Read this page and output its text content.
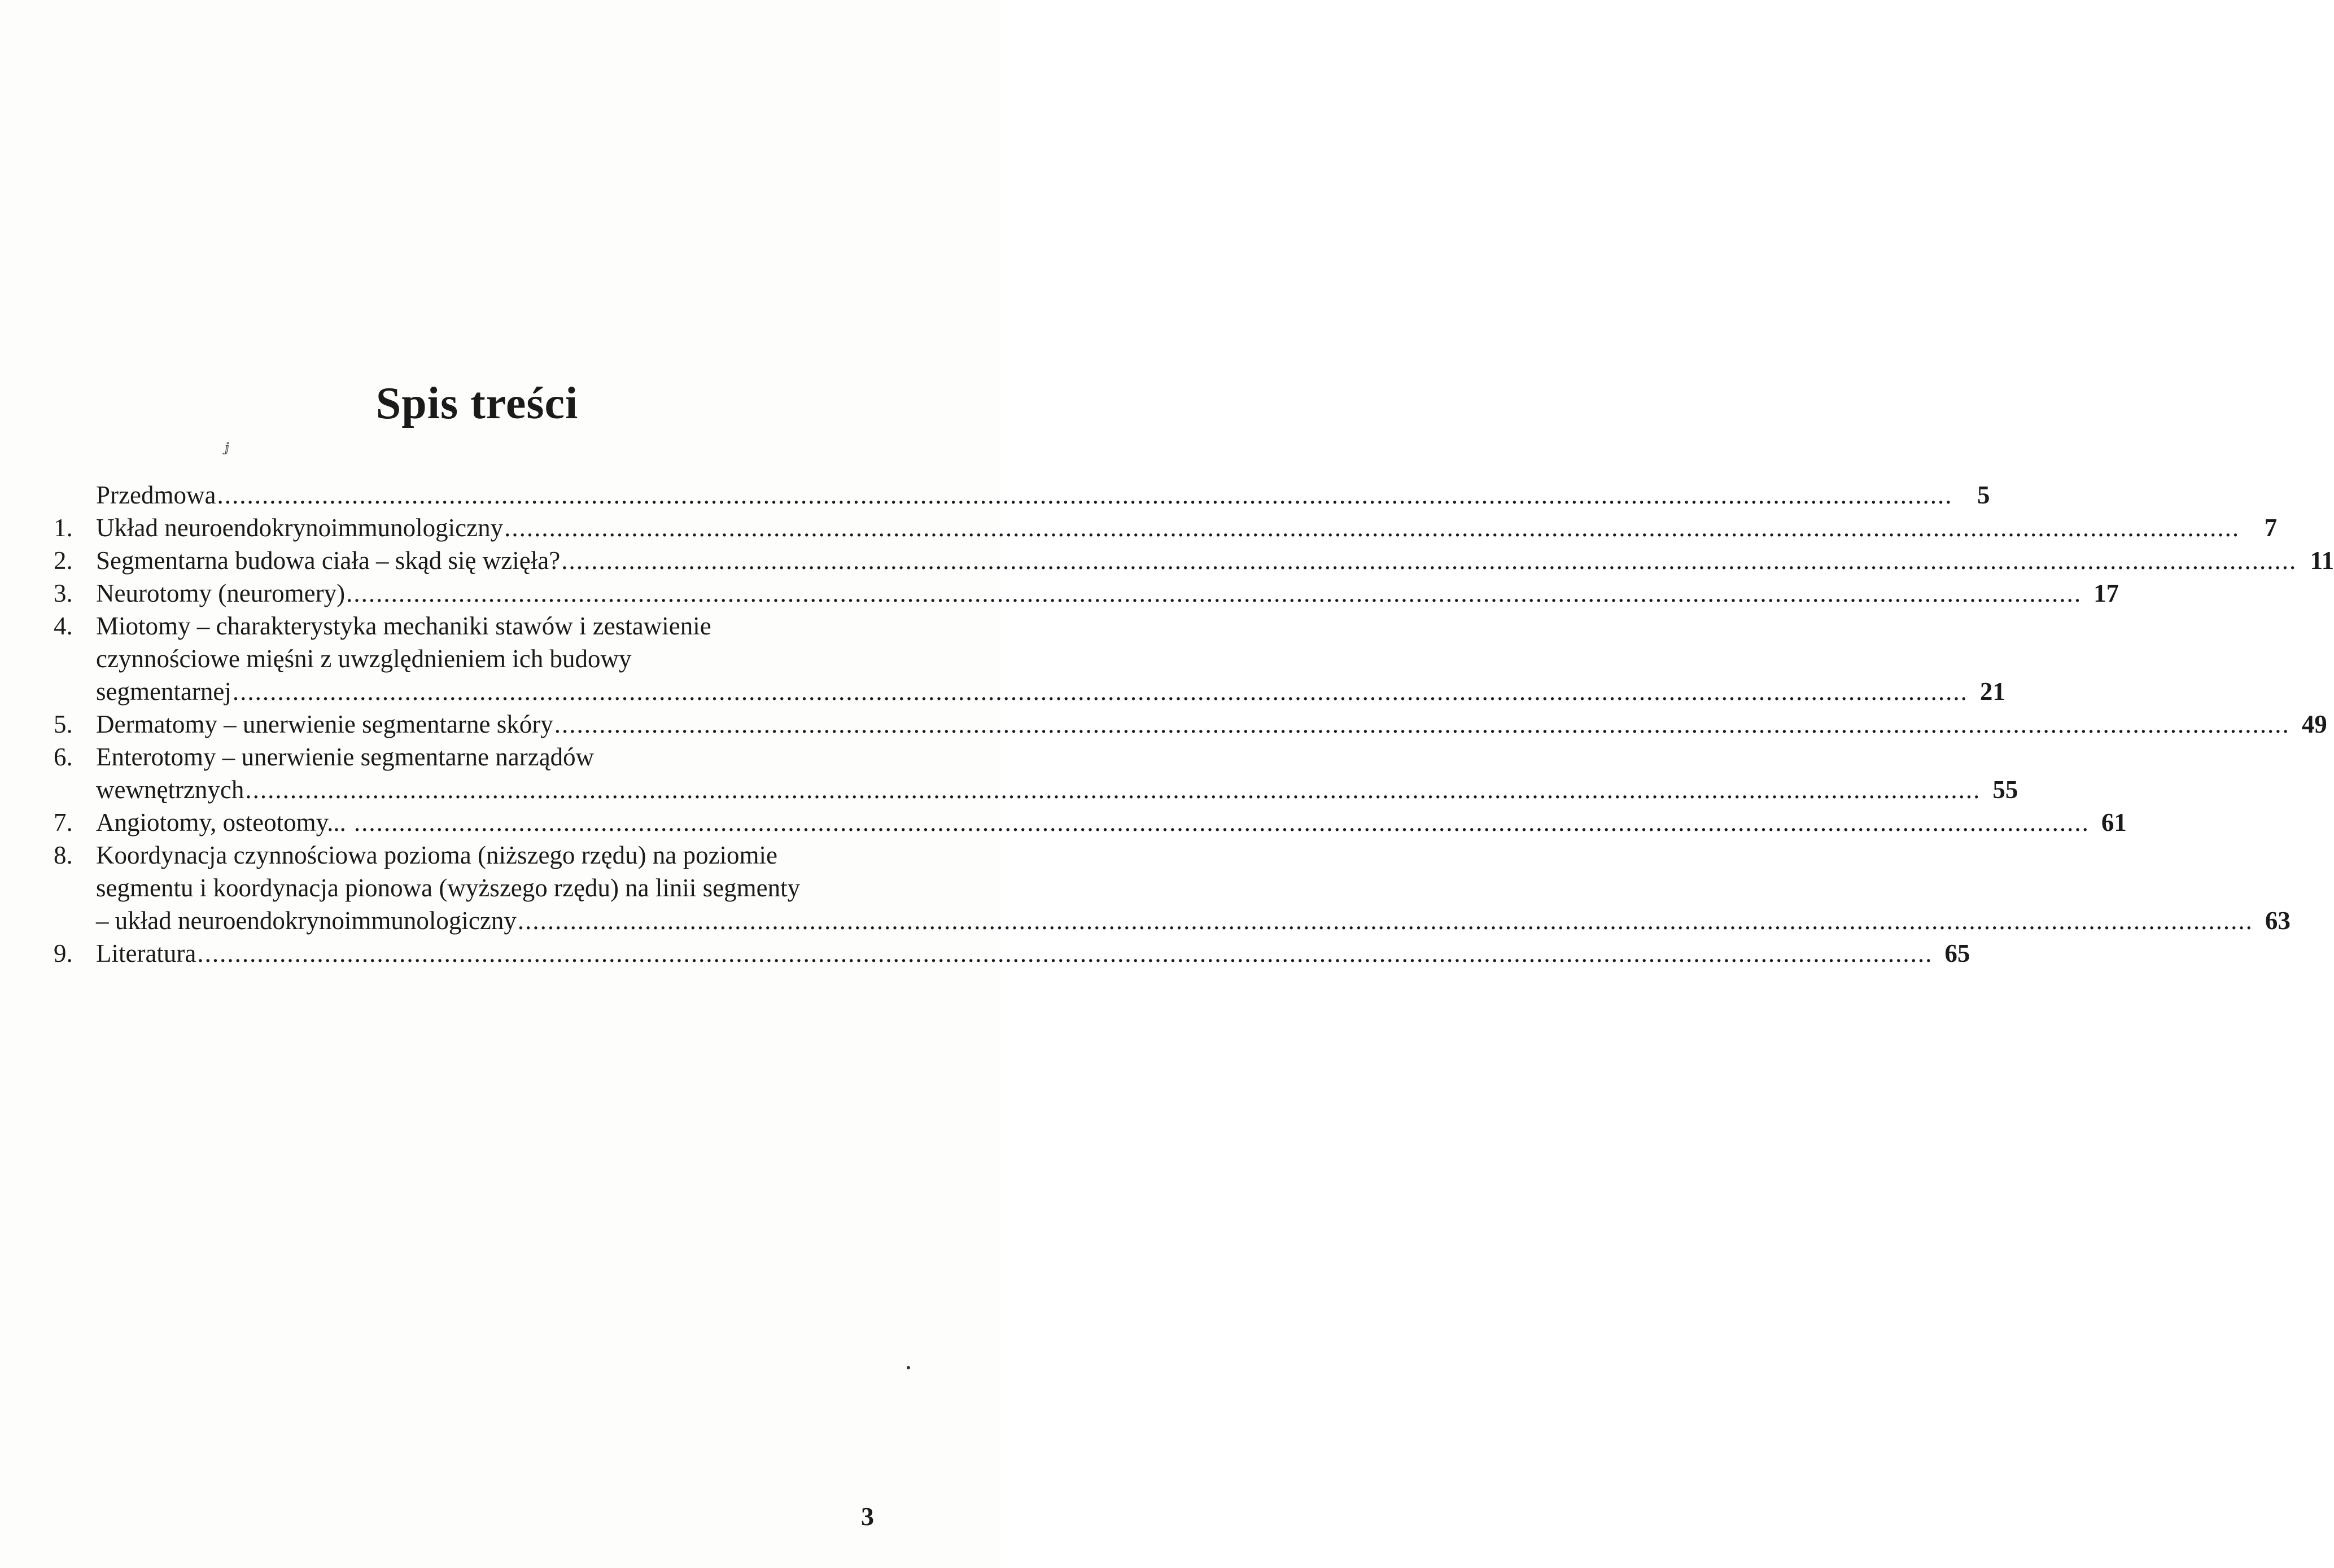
Spis treści
Przedmowa .....	5
1. Układ neuroendokrynoimmunologiczny .....	7
2. Segmentarna budowa ciała – skąd się wzięła? .....	11
3. Neurotomy (neuromery) .....	17
4. Miotomy – charakterystyka mechaniki stawów i zestawienie
czynnościowe mięśni z uwzględnieniem ich budowy
segmentarnej .....	21
5. Dermatomy – unerwienie segmentarne skóry .....	49
6. Enterotomy – unerwienie segmentarne narządów
wewnętrznych .....	55
7. Angiotomy, osteotomy... .....	61
8. Koordynacja czynnościowa pozioma (niższego rzędu) na poziomie
segmentu i koordynacja pionowa (wyższego rzędu) na linii segmenty
– układ neuroendokrynoimmunologiczny .....	63
9. Literatura .....	65
3
ⅉ
